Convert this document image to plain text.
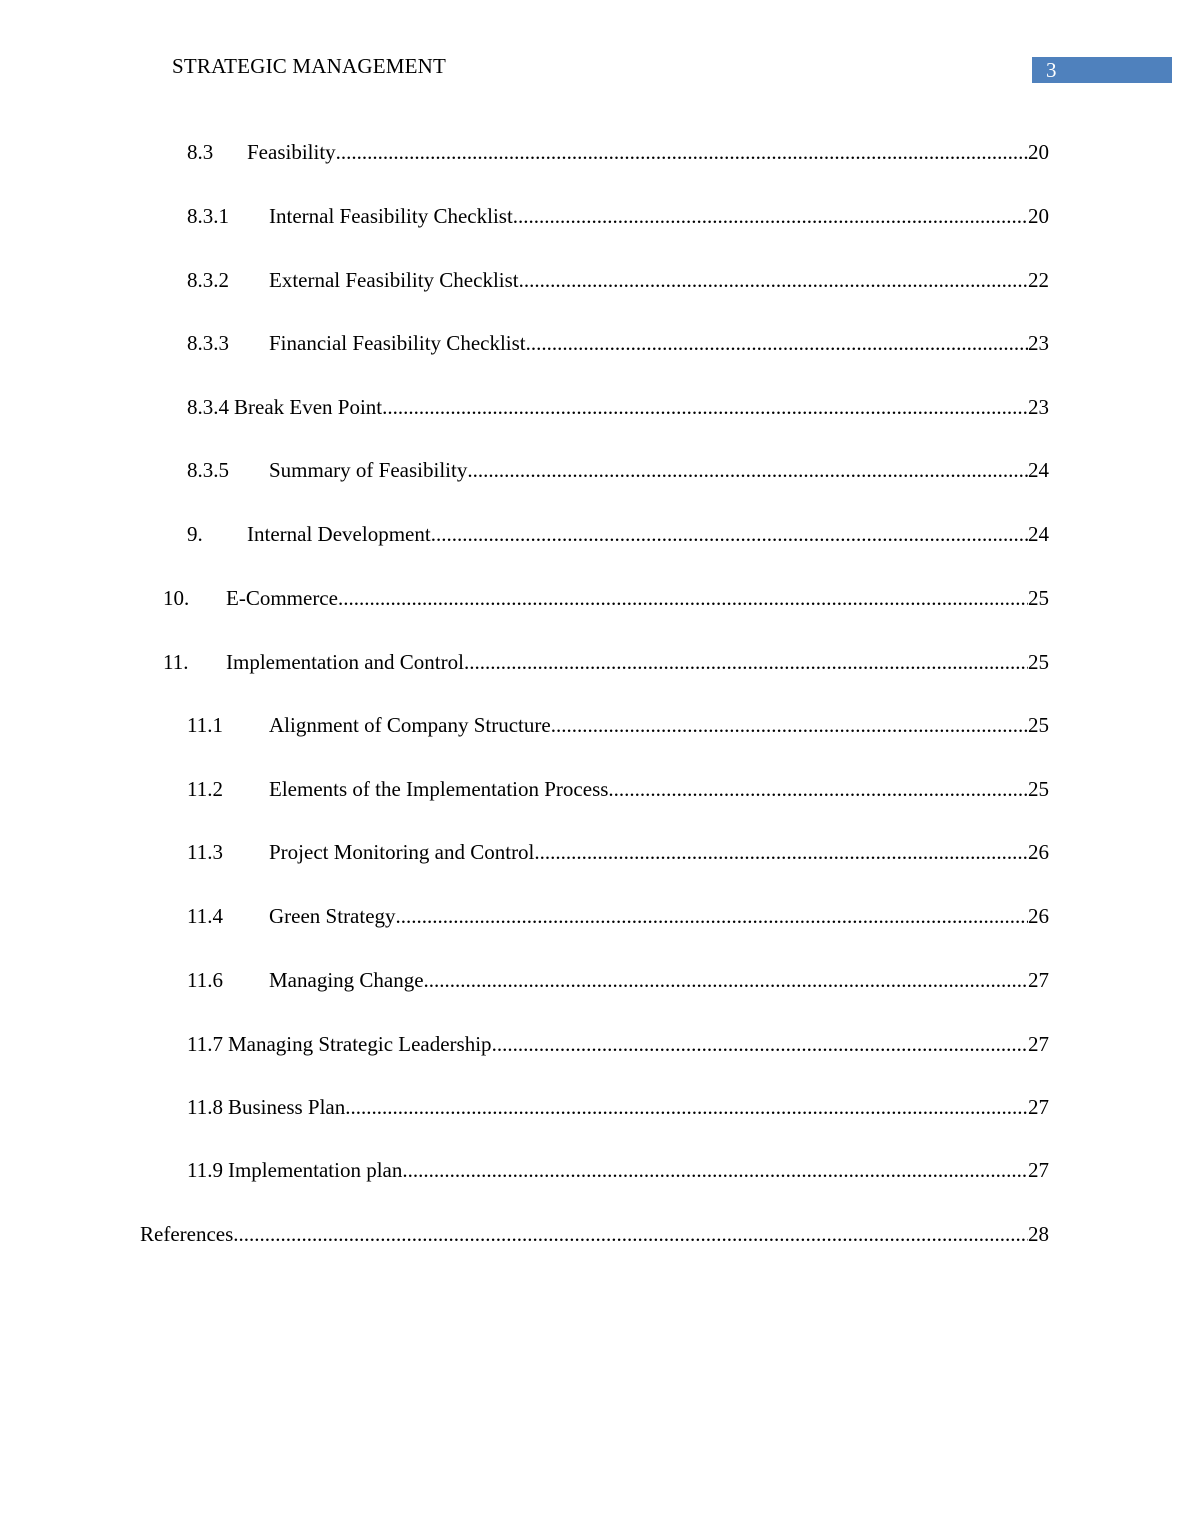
STRATEGIC MANAGEMENT	3
8.3	Feasibility .....	20
8.3.1	Internal Feasibility Checklist .....	20
8.3.2	External Feasibility Checklist .....	22
8.3.3	Financial Feasibility Checklist .....	23
8.3.4 Break Even Point .....	23
8.3.5	Summary of Feasibility .....	24
9.	Internal Development .....	24
10.	E-Commerce .....	25
11.	Implementation and Control .....	25
11.1	Alignment of Company Structure .....	25
11.2	Elements of the Implementation Process .....	25
11.3	Project Monitoring and Control .....	26
11.4	Green Strategy .....	26
11.6	Managing Change .....	27
11.7 Managing Strategic Leadership .....	27
11.8 Business Plan .....	27
11.9 Implementation plan .....	27
References .....	28
